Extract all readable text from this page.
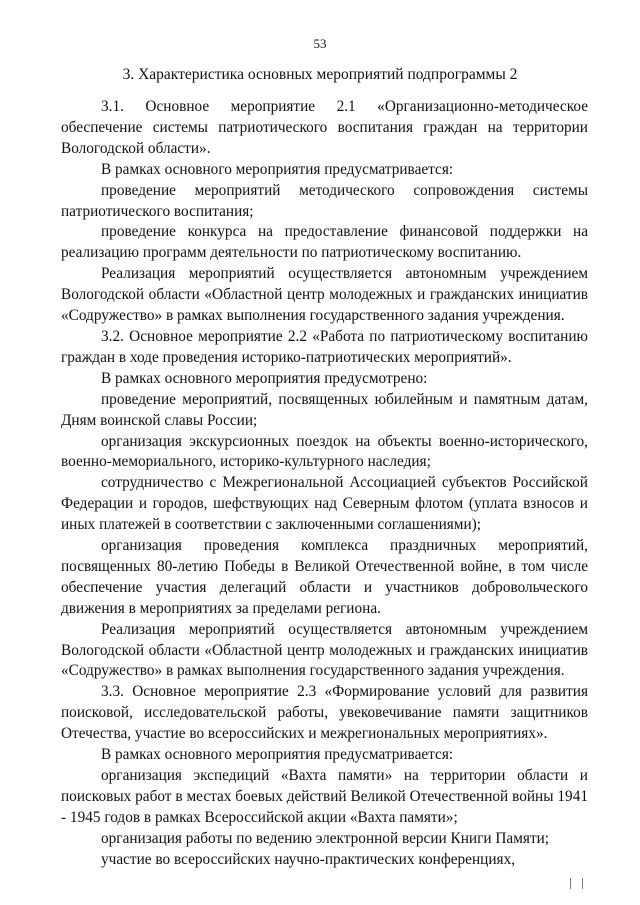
53
3. Характеристика основных мероприятий подпрограммы 2

3.1. Основное мероприятие 2.1 «Организационно-методическое обеспечение системы патриотического воспитания граждан на территории Вологодской области».

В рамках основного мероприятия предусматривается:

проведение мероприятий методического сопровождения системы патриотического воспитания;

проведение конкурса на предоставление финансовой поддержки на реализацию программ деятельности по патриотическому воспитанию.

Реализация мероприятий осуществляется автономным учреждением Вологодской области «Областной центр молодежных и гражданских инициатив «Содружество» в рамках выполнения государственного задания учреждения.

3.2. Основное мероприятие 2.2 «Работа по патриотическому воспитанию граждан в ходе проведения историко-патриотических мероприятий».

В рамках основного мероприятия предусмотрено:

проведение мероприятий, посвященных юбилейным и памятным датам, Дням воинской славы России;

организация экскурсионных поездок на объекты военно-исторического, военно-мемориального, историко-культурного наследия;

сотрудничество с Межрегиональной Ассоциацией субъектов Российской Федерации и городов, шефствующих над Северным флотом (уплата взносов и иных платежей в соответствии с заключенными соглашениями);

организация проведения комплекса праздничных мероприятий, посвященных 80-летию Победы в Великой Отечественной войне, в том числе обеспечение участия делегаций области и участников добровольческого движения в мероприятиях за пределами региона.

Реализация мероприятий осуществляется автономным учреждением Вологодской области «Областной центр молодежных и гражданских инициатив «Содружество» в рамках выполнения государственного задания учреждения.

3.3. Основное мероприятие 2.3 «Формирование условий для развития поисковой, исследовательской работы, увековечивание памяти защитников Отечества, участие во всероссийских и межрегиональных мероприятиях».

В рамках основного мероприятия предусматривается:

организация экспедиций «Вахта памяти» на территории области и поисковых работ в местах боевых действий Великой Отечественной войны 1941 - 1945 годов в рамках Всероссийской акции «Вахта памяти»;

организация работы по ведению электронной версии Книги Памяти;

участие во всероссийских научно-практических конференциях,
